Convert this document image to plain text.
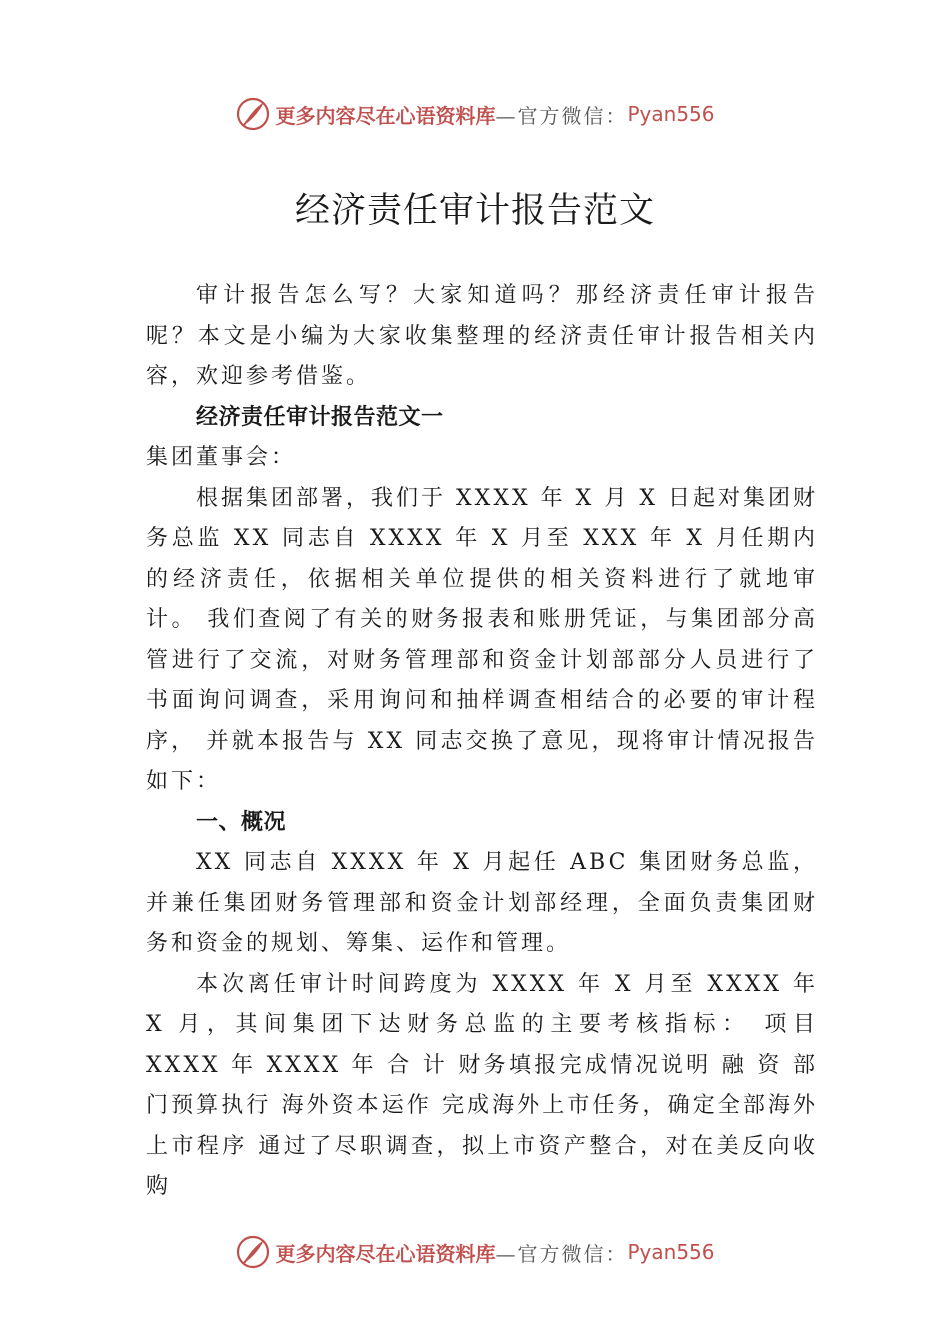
更多内容尽在心语资料库 —官方微信： Pyan556
经济责任审计报告范文

审计报告怎么写？大家知道吗？那经济责任审计报告呢？本文是小编为大家收集整理的经济责任审计报告相关内容，欢迎参考借鉴。

经济责任审计报告范文一

集团董事会：

根据集团部署，我们于 XXXX 年 X 月 X 日起对集团财务总监 XX 同志自 XXXX 年 X 月至 XXX 年 X 月任期内的经济责任，依据相关单位提供的相关资料进行了就地审计。 我们查阅了有关的财务报表和账册凭证，与集团部分高管进行了交流，对财务管理部和资金计划部部分人员进行了书面询问调查，采用询问和抽样调查相结合的必要的审计程序， 并就本报告与 XX 同志交换了意见，现将审计情况报告如下：

一、概况

XX 同志自 XXXX 年 X 月起任 ABC 集团财务总监，并兼任集团财务管理部和资金计划部经理，全面负责集团财务和资金的规划、筹集、运作和管理。

本次离任审计时间跨度为 XXXX 年 X 月至 XXXX 年 X 月，其间集团下达财务总监的主要考核指标： 项目 XXXX 年 XXXX 年 合 计 财务填报完成情况说明 融 资 部门预算执行 海外资本运作 完成海外上市任务，确定全部海外上市程序 通过了尽职调查，拟上市资产整合，对在美反向收购

更多内容尽在心语资料库 —官方微信： Pyan556
